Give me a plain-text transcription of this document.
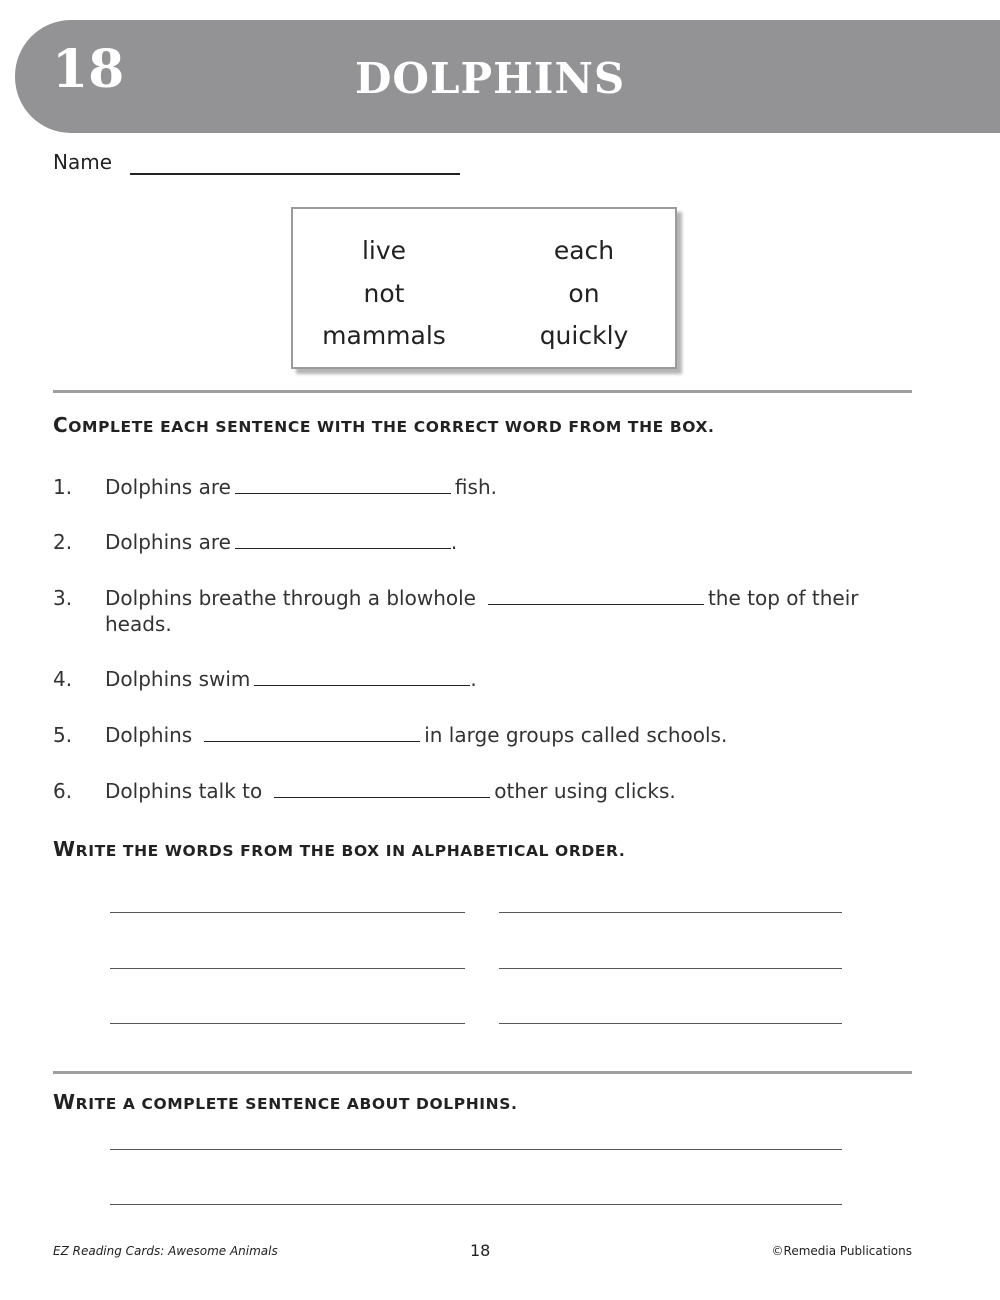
18	DOLPHINS
Name
live
not
mammals
each
on
quickly
COMPLETE EACH SENTENCE WITH THE CORRECT WORD FROM THE BOX.
1. Dolphins are	fish.
2. Dolphins are	.
3. Dolphins breathe through a blowhole	the top of their heads.
4. Dolphins swim	.
5. Dolphins	in large groups called schools.
6. Dolphins talk to	other using clicks.
WRITE THE WORDS FROM THE BOX IN ALPHABETICAL ORDER.
WRITE A COMPLETE SENTENCE ABOUT DOLPHINS.
EZ Reading Cards: Awesome Animals	18	©Remedia Publications
